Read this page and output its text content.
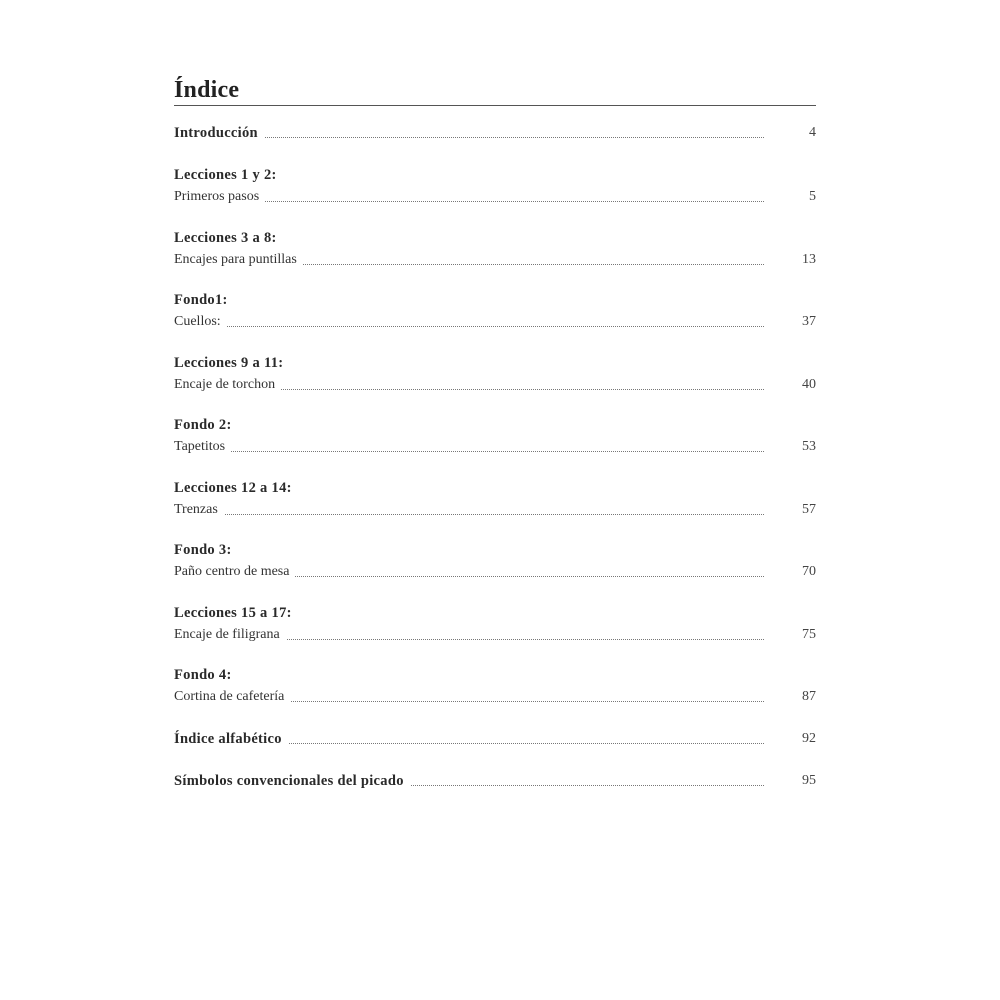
Índice
Introducción	4
Lecciones 1 y 2:
Primeros pasos	5
Lecciones 3 a 8:
Encajes para puntillas	13
Fondo1:
Cuellos:	37
Lecciones 9 a 11:
Encaje de torchon	40
Fondo 2:
Tapetitos	53
Lecciones 12 a 14:
Trenzas	57
Fondo 3:
Paño centro de mesa	70
Lecciones 15 a 17:
Encaje de filigrana	75
Fondo 4:
Cortina de cafetería	87
Índice alfabético	92
Símbolos convencionales del picado	95
